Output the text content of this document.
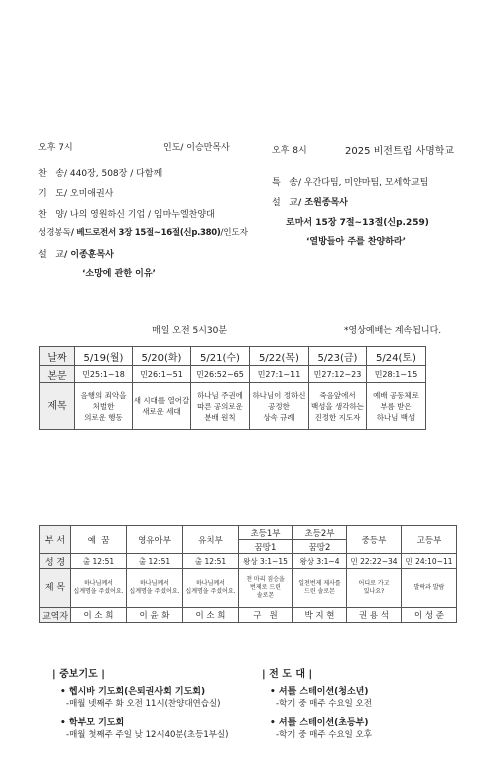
오후 7시	인도/ 이승만목사
찬   송/ 440장, 508장 / 다함께
기   도/ 오미애권사
찬   양/ 나의 영원하신 기업 / 임마누엘찬양대
성경봉독/ 베드로전서 3장 15절~16절(신p.380)/인도자
설   교/ 이종훈목사
‘소망에 관한 이유’
오후 8시	2025 비전트립 사명학교
특   송/ 우간다팀, 미얀마팀, 모세학교팀
설   교/ 조원종목사
로마서 15장 7절~13절(신p.259)
‘열방들아 주를 찬양하라’
매일 오전 5시30분	*영상예배는 계속됩니다.
날짜	5/19(월)	5/20(화)	5/21(수)	5/22(목)	5/23(금)	5/24(토)
본문	민25:1~18	민26:1~51	민26:52~65	민27:1~11	민27:12~23	민28:1~15
제목	음행의 죄악을
처벌한
의로운 행동	새 시대를 열어갈
새로운 세대	하나님 주권에
따른 공의로운
분배 원칙	하나님이 정하신
공정한
상속 규례	죽음앞에서
백성을 생각하는
진정한 지도자	예배 공동체로
부름 받은
하나님 백성
부 서	예  꿈	영유아부	유치부	초등1부	초등2부	중등부	고등부
				꿈땅1	꿈땅2		
성 경	출 12:51	출 12:51	출 12:51	왕상 3:1~15	왕상 3:1~4	민 22:22~34	민 24:10~11
제 목	하나님께서
십계명을 주셨어요.	하나님께서
십계명을 주셨어요.	하나님께서
십계명을 주셨어요.	천 마리 짐승을
번제로 드린
솔로몬	일천번제 제사를
드린 솔로몬	어디로 가고
있나요?	발락과 발람
교역자	이 소 희	이 윤 화	이 소 희	구   원	박 지 현	권 용 석	이 성 준
| 중보기도 |
• 헵시바 기도회(은퇴권사회 기도회)
-매월 넷째주 화 오전 11시(찬양대연습실)
• 학부모 기도회
-매월 첫째주 주일 낮 12시40분(초등1부실)
| 전 도 대 |
• 셔틀 스테이션(청소년)
-학기 중 매주 수요일 오전
• 셔틀 스테이션(초등부)
-학기 중 매주 수요일 오후
